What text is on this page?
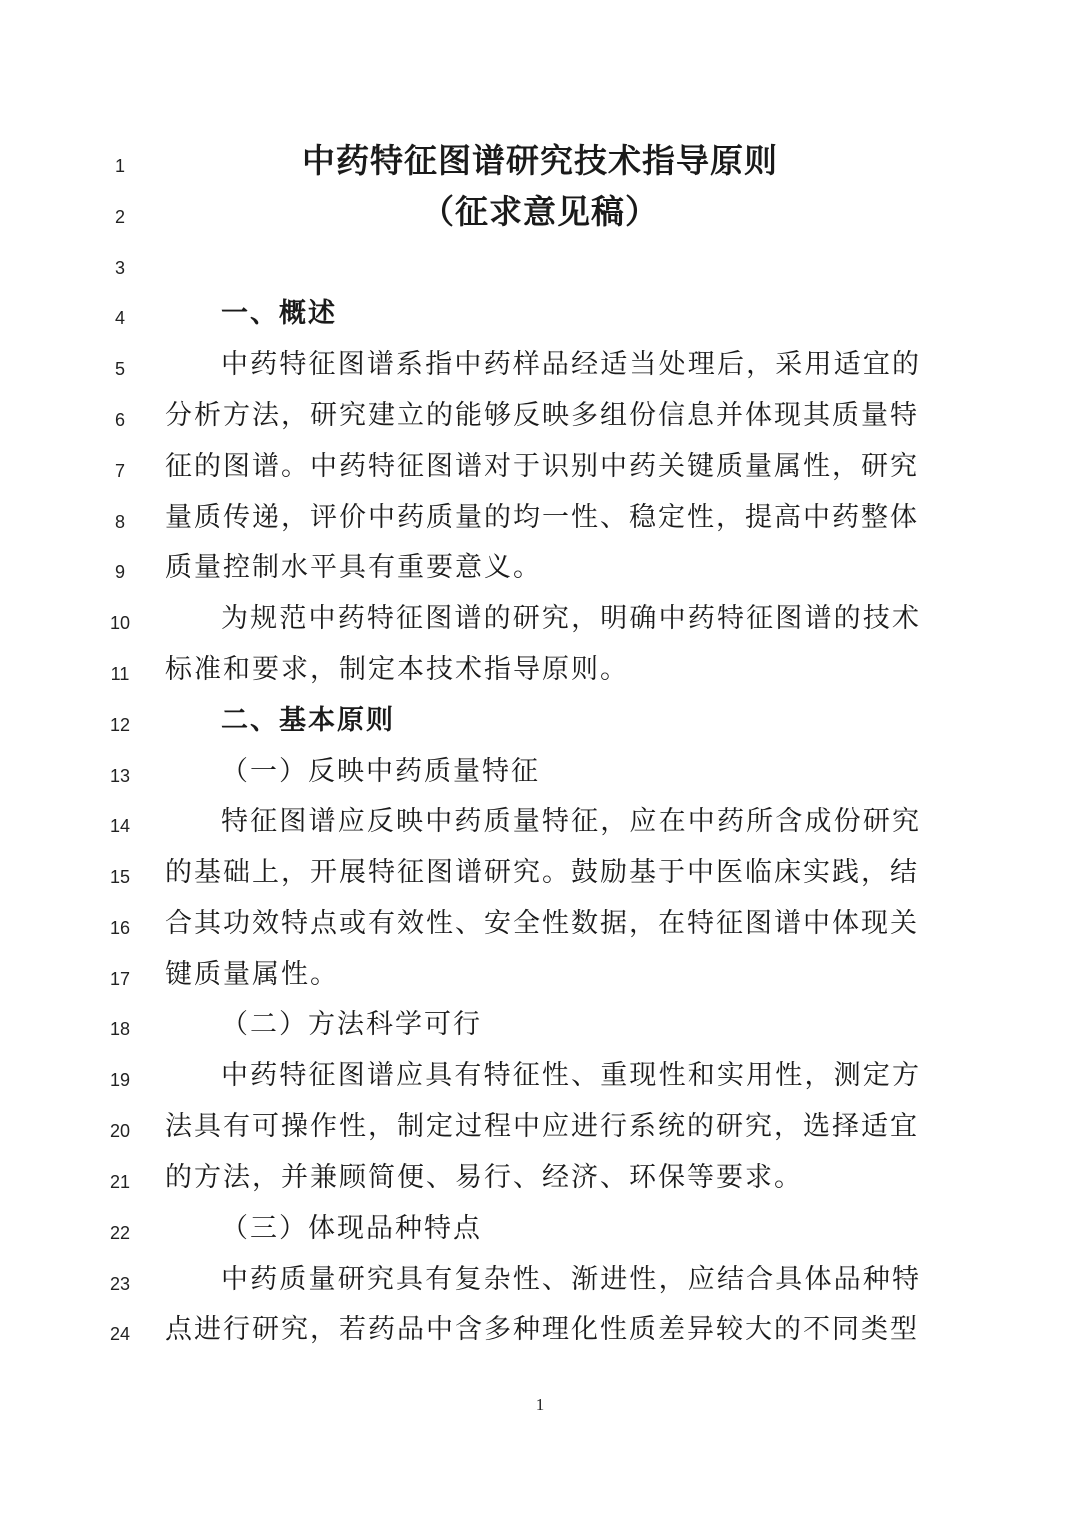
1
2
3
4
5
6
7
8
9
10
11
12
13
14
15
16
17
18
19
20
21
22
23
24
中药特征图谱研究技术指导原则
（征求意见稿）
一、概述
中药特征图谱系指中药样品经适当处理后，采用适宜的
分析方法，研究建立的能够反映多组份信息并体现其质量特
征的图谱。中药特征图谱对于识别中药关键质量属性，研究
量质传递，评价中药质量的均一性、稳定性，提高中药整体
质量控制水平具有重要意义。
为规范中药特征图谱的研究，明确中药特征图谱的技术
标准和要求，制定本技术指导原则。
二、基本原则
（一）反映中药质量特征
特征图谱应反映中药质量特征，应在中药所含成份研究
的基础上，开展特征图谱研究。鼓励基于中医临床实践，结
合其功效特点或有效性、安全性数据，在特征图谱中体现关
键质量属性。
（二）方法科学可行
中药特征图谱应具有特征性、重现性和实用性，测定方
法具有可操作性，制定过程中应进行系统的研究，选择适宜
的方法，并兼顾简便、易行、经济、环保等要求。
（三）体现品种特点
中药质量研究具有复杂性、渐进性，应结合具体品种特
点进行研究，若药品中含多种理化性质差异较大的不同类型
1
